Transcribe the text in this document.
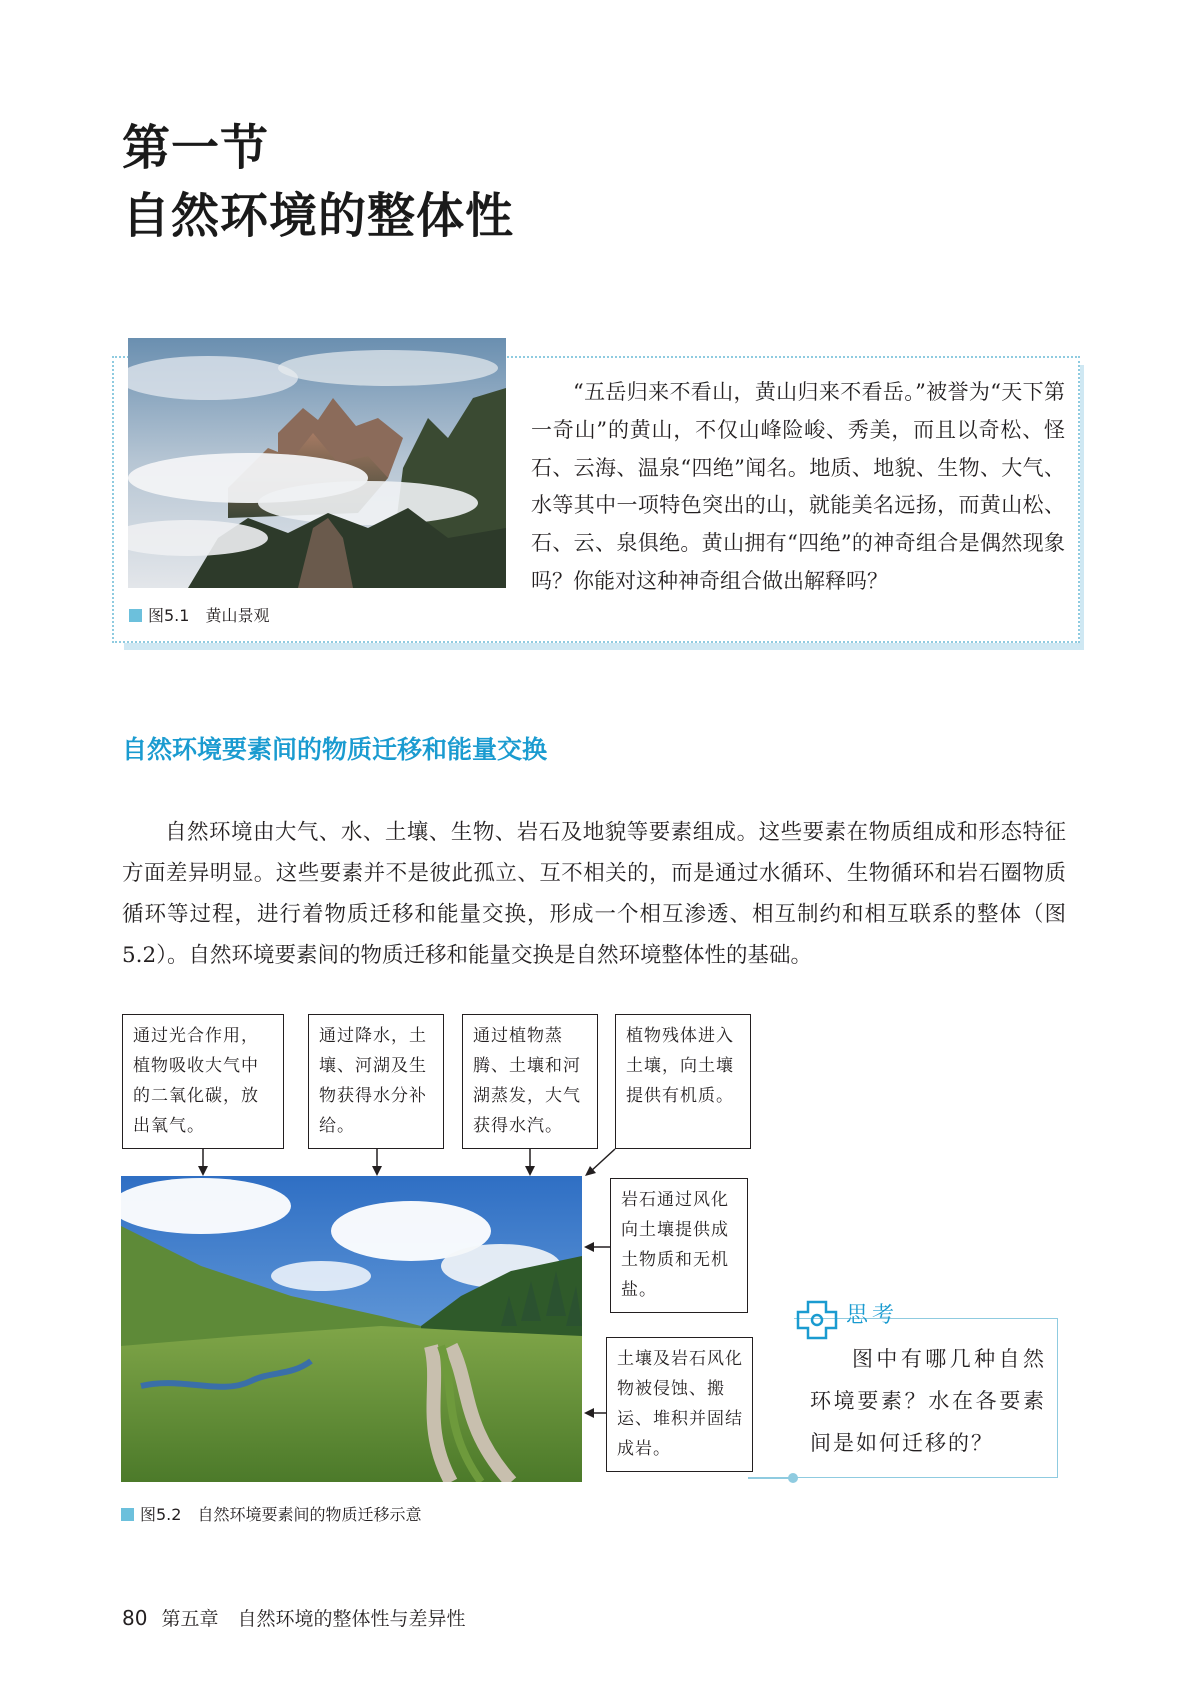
第一节
自然环境的整体性
图5.1　黄山景观

“五岳归来不看山，黄山归来不看岳。”被誉为“天下第一奇山”的黄山，不仅山峰险峻、秀美，而且以奇松、怪石、云海、温泉“四绝”闻名。地质、地貌、生物、大气、水等其中一项特色突出的山，就能美名远扬，而黄山松、石、云、泉俱绝。黄山拥有“四绝”的神奇组合是偶然现象吗？你能对这种神奇组合做出解释吗？

自然环境要素间的物质迁移和能量交换

自然环境由大气、水、土壤、生物、岩石及地貌等要素组成。这些要素在物质组成和形态特征方面差异明显。这些要素并不是彼此孤立、互不相关的，而是通过水循环、生物循环和岩石圈物质循环等过程，进行着物质迁移和能量交换，形成一个相互渗透、相互制约和相互联系的整体（图5.2）。自然环境要素间的物质迁移和能量交换是自然环境整体性的基础。

通过光合作用，植物吸收大气中的二氧化碳，放出氧气。
通过降水，土壤、河湖及生物获得水分补给。
通过植物蒸腾、土壤和河湖蒸发，大气获得水汽。
植物残体进入土壤，向土壤提供有机质。
岩石通过风化向土壤提供成土物质和无机盐。
土壤及岩石风化物被侵蚀、搬运、堆积并固结成岩。
图5.2　自然环境要素间的物质迁移示意
思考

图中有哪几种自然环境要素？水在各要素间是如何迁移的？

80 第五章　自然环境的整体性与差异性
